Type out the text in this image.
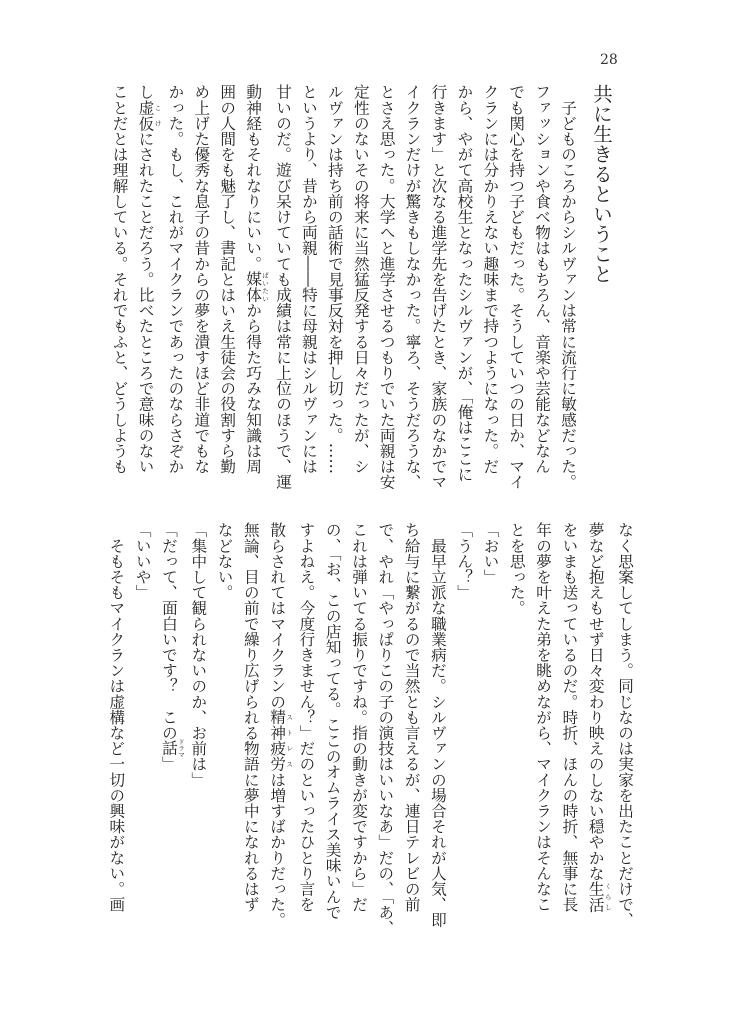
28
共に生きるということ
　子どものころからシルヴァンは常に流行に敏感だった。
ファッションや食べ物はもちろん、音楽や芸能などなん
でも関心を持つ子どもだった。そうしていつの日か、マイ
クランには分かりえない趣味まで持つようになった。だ
から、やがて高校生となったシルヴァンが、「俺はここに
行きます」と次なる進学先を告げたとき、家族のなかでマ
イクランだけが驚きもしなかった。寧ろ、そうだろうな、
とさえ思った。大学へと進学させるつもりでいた両親は安
定性のないその将来に当然猛反発する日々だったが、シ
ルヴァンは持ち前の話術で見事反対を押し切った。……
というより、昔から両親――特に母親はシルヴァンには
甘いのだ。遊び呆けていても成績は常に上位のほうで、運
動神経もそれなりにいい。媒体 ばいたいから得た巧みな知識は周
囲の人間をも魅了し、書記とはいえ生徒会の役割すら勤
め上げた優秀な息子の昔からの夢を潰すほど非道でもな
かった。もし、これがマイクランであったのならさぞか
し虚仮 こけにされたことだろう。比べたところで意味のない
ことだとは理解している。それでもふと、どうしようも
なく思案してしまう。同じなのは実家を出たことだけで、
夢など抱えもせず日々変わり映えのしない穏やかな生活 くらし
をいまも送っているのだ。時折、ほんの時折、無事に長
年の夢を叶えた弟を眺めながら、マイクランはそんなこ
とを思った。
「おい」
「うん？」
　最早立派な職業病だ。シルヴァンの場合それが人気、即
ち給与に繋がるので当然とも言えるが、連日テレビの前
で、やれ「やっぱりこの子の演技はいいなあ」だの、「あ、
これは弾いてる振りですね。指の動きが変ですから」だ
の、「お、この店知ってる。ここのオムライス美味いんで
すよねえ。今度行きません？」だのといったひとり言を
散らされてはマイクランの精神疲労 ストレスは増すばかりだった。
無論、目の前で繰り広げられる物語に夢中になれるはず
などない。
「集中して観られないのか、お前は」
「だって、面白いです？　この話 ドラマ」
「いいや」
　そもそもマイクランは虚構など一切の興味がない。画
